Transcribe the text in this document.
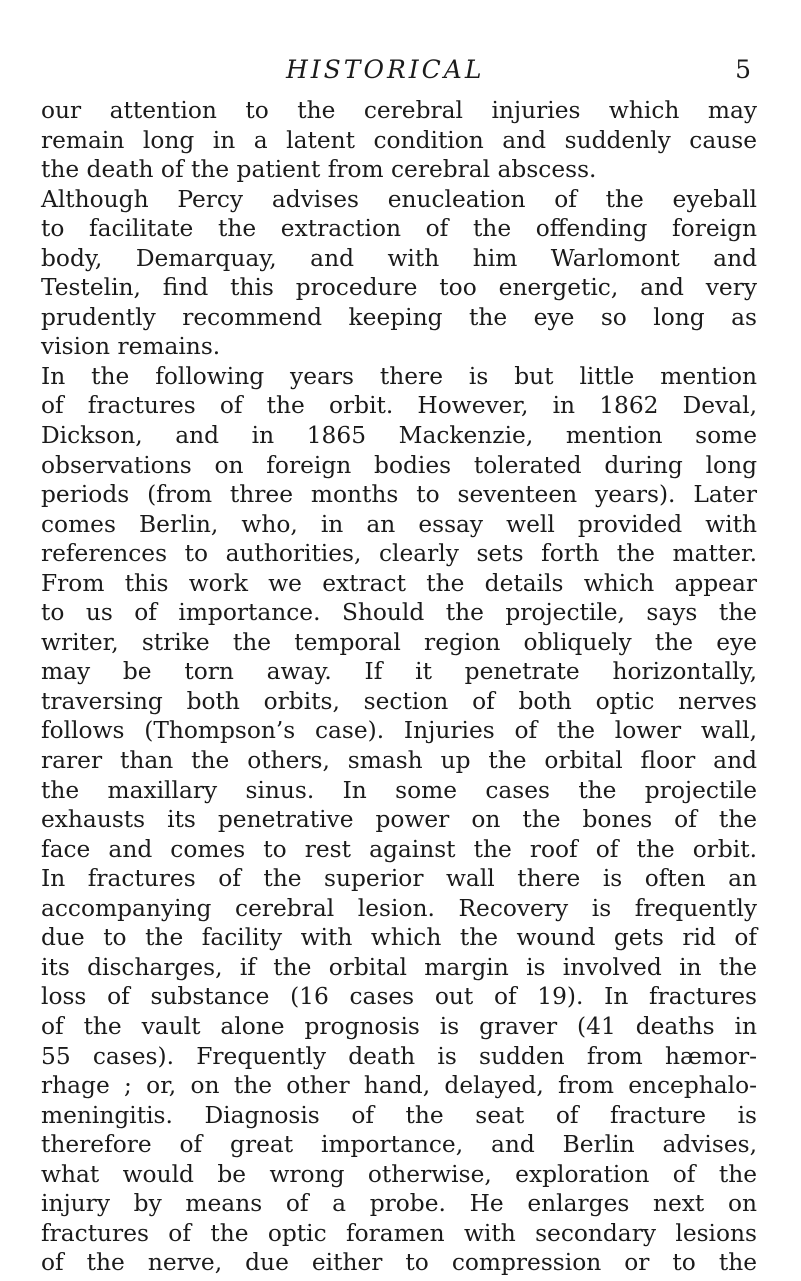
HISTORICAL	5
our attention to the cerebral injuries which may
remain long in a latent condition and suddenly cause
the death of the patient from cerebral abscess.
Although Percy advises enucleation of the eyeball
to facilitate the extraction of the offending foreign
body, Demarquay, and with him Warlomont and
Testelin, find this procedure too energetic, and very
prudently recommend keeping the eye so long as
vision remains.
In the following years there is but little mention
of fractures of the orbit. However, in 1862 Deval,
Dickson, and in 1865 Mackenzie, mention some
observations on foreign bodies tolerated during long
periods (from three months to seventeen years). Later
comes Berlin, who, in an essay well provided with
references to authorities, clearly sets forth the matter.
From this work we extract the details which appear
to us of importance. Should the projectile, says the
writer, strike the temporal region obliquely the eye
may be torn away. If it penetrate horizontally,
traversing both orbits, section of both optic nerves
follows (Thompson’s case). Injuries of the lower wall,
rarer than the others, smash up the orbital floor and
the maxillary sinus. In some cases the projectile
exhausts its penetrative power on the bones of the
face and comes to rest against the roof of the orbit.
In fractures of the superior wall there is often an
accompanying cerebral lesion. Recovery is frequently
due to the facility with which the wound gets rid of
its discharges, if the orbital margin is involved in the
loss of substance (16 cases out of 19). In fractures
of the vault alone prognosis is graver (41 deaths in
55 cases). Frequently death is sudden from hæmor-
rhage ; or, on the other hand, delayed, from encephalo-
meningitis. Diagnosis of the seat of fracture is
therefore of great importance, and Berlin advises,
what would be wrong otherwise, exploration of the
injury by means of a probe. He enlarges next on
fractures of the optic foramen with secondary lesions
of the nerve, due either to compression or to the
